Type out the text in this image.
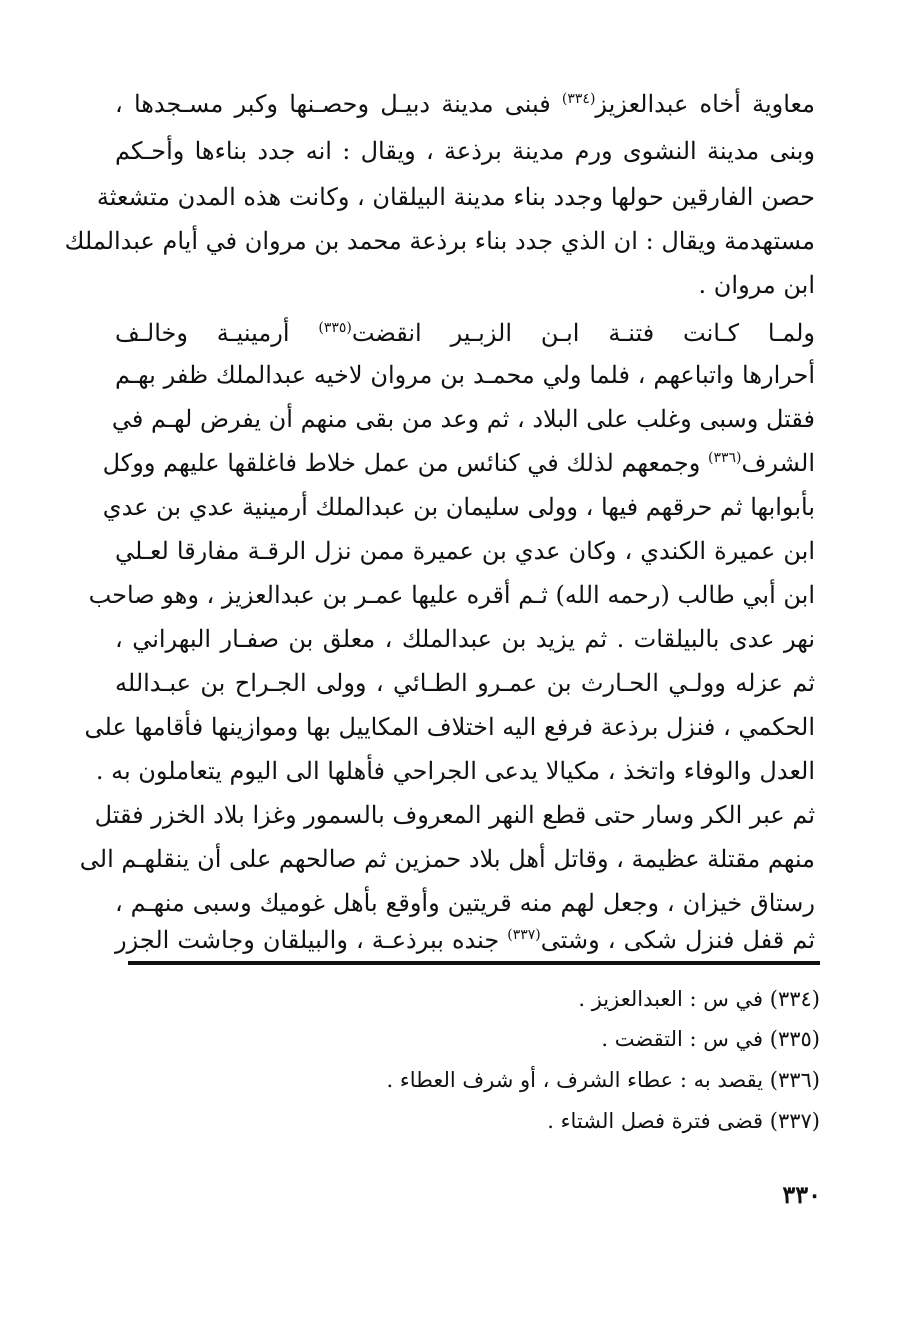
معاوية أخاه عبدالعزيز$^{(٣٣٤)}$ فبنى مدينة دبيـل وحصـنها وكبر مسـجدها ،
وبنى مدينة النشوى ورم مدينة برذعة ، ويقال : انه جدد بناءها وأحـكم
حصن الفارقين حولها وجدد بناء مدينة البيلقان ، وكانت هذه المدن متشعثة
مستهدمة ويقال : ان الذي جدد بناء برذعة محمد بن مروان في أيام عبدالملك
ابن مروان .
ولمـا كـانت فتنـة ابـن الزبـير انقضت$^{(٣٣٥)}$ أرمينيـة وخالـف
أحرارها واتباعهم ، فلما ولي محمـد بن مروان لاخيه عبدالملك ظفر بهـم
فقتل وسبى وغلب على البلاد ، ثم وعد من بقى منهم أن يفرض لهـم في
الشرف$^{(٣٣٦)}$ وجمعهم لذلك في كنائس من عمل خلاط فاغلقها عليهم ووكل
بأبوابها ثم حرقهم فيها ، وولى سليمان بن عبدالملك أرمينية عدي بن عدي
ابن عميرة الكندي ، وكان عدي بن عميرة ممن نزل الرقـة مفارقا لعـلي
ابن أبي طالب (رحمه الله) ثـم أقره عليها عمـر بن عبدالعزيز ، وهو صاحب
نهر عدى بالبيلقات . ثم يزيد بن عبدالملك ، معلق بن صفـار البهراني ،
ثم عزله وولـي الحـارث بن عمـرو الطـائي ، وولى الجـراح بن عبـدالله
الحكمي ، فنزل برذعة فرفع اليه اختلاف المكاييل بها وموازينها فأقامها على
العدل والوفاء واتخذ ، مكيالا يدعى الجراحي فأهلها الى اليوم يتعاملون به .
ثم عبر الكر وسار حتى قطع النهر المعروف بالسمور وغزا بلاد الخزر فقتل
منهم مقتلة عظيمة ، وقاتل أهل بلاد حمزين ثم صالحهم على أن ينقلهـم الى
رستاق خيزان ، وجعل لهم منه قريتين وأوقع بأهل غوميك وسبى منهـم ،
ثم قفل فنزل شكى ، وشتى$^{(٣٣٧)}$ جنده ببرذعـة ، والبيلقان وجاشت الجزر
(٣٣٤) في س : العبدالعزيز .
(٣٣٥) في س : التقضت .
(٣٣٦) يقصد به : عطاء الشرف ، أو شرف العطاء .
(٣٣٧) قضى فترة فصل الشتاء .
٣٣٠
